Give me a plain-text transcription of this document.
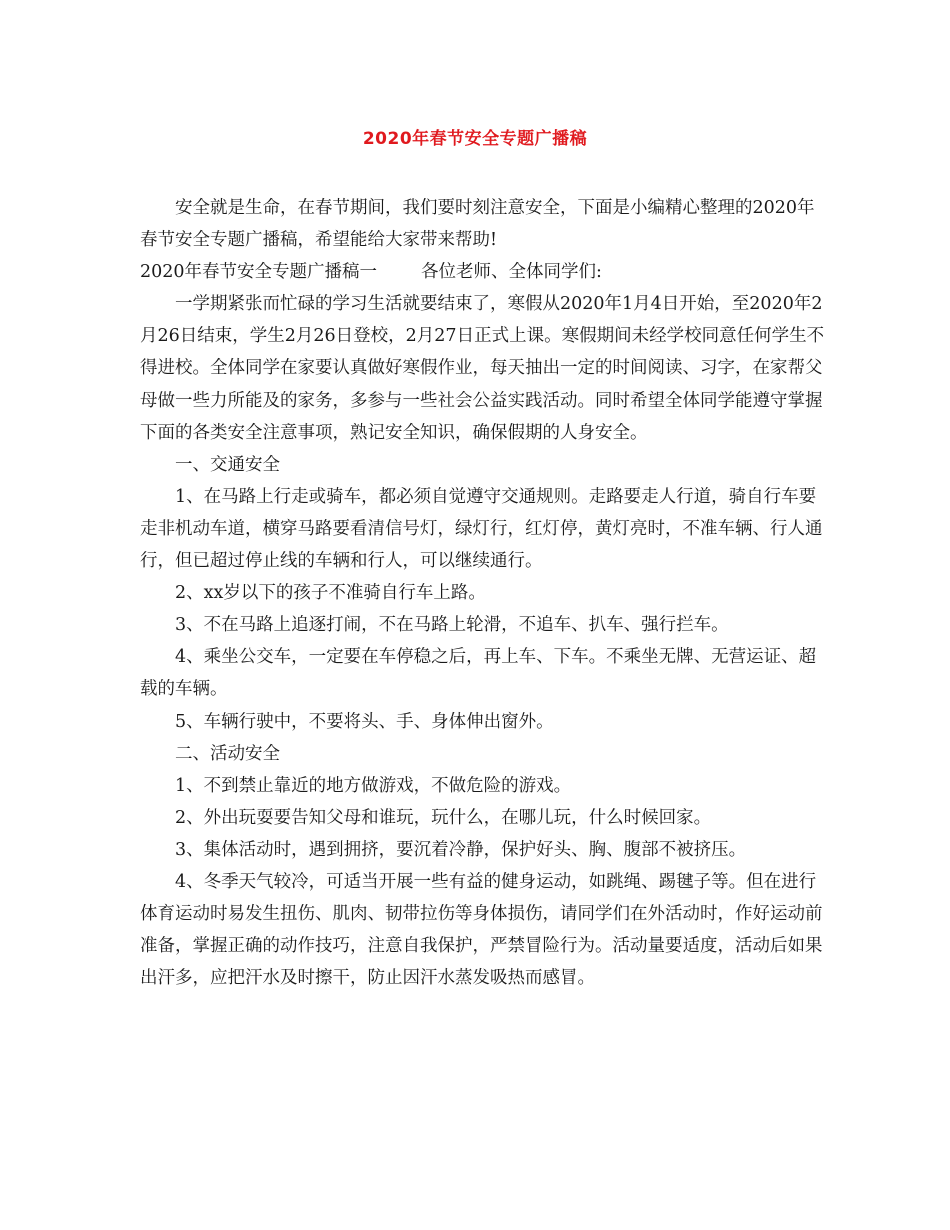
2020年春节安全专题广播稿

安全就是生命，在春节期间，我们要时刻注意安全，下面是小编精心整理的2020年春节安全专题广播稿，希望能给大家带来帮助!

2020年春节安全专题广播稿一	各位老师、全体同学们:

一学期紧张而忙碌的学习生活就要结束了，寒假从2020年1月4日开始，至2020年2月26日结束，学生2月26日登校，2月27日正式上课。寒假期间未经学校同意任何学生不得进校。全体同学在家要认真做好寒假作业，每天抽出一定的时间阅读、习字，在家帮父母做一些力所能及的家务，多参与一些社会公益实践活动。同时希望全体同学能遵守掌握下面的各类安全注意事项，熟记安全知识，确保假期的人身安全。

一、交通安全

1、在马路上行走或骑车，都必须自觉遵守交通规则。走路要走人行道，骑自行车要走非机动车道，横穿马路要看清信号灯，绿灯行，红灯停，黄灯亮时，不准车辆、行人通行，但已超过停止线的车辆和行人，可以继续通行。

2、xx岁以下的孩子不准骑自行车上路。

3、不在马路上追逐打闹，不在马路上轮滑，不追车、扒车、强行拦车。

4、乘坐公交车，一定要在车停稳之后，再上车、下车。不乘坐无牌、无营运证、超载的车辆。

5、车辆行驶中，不要将头、手、身体伸出窗外。

二、活动安全

1、不到禁止靠近的地方做游戏，不做危险的游戏。

2、外出玩耍要告知父母和谁玩，玩什么，在哪儿玩，什么时候回家。

3、集体活动时，遇到拥挤，要沉着冷静，保护好头、胸、腹部不被挤压。

4、冬季天气较冷，可适当开展一些有益的健身运动，如跳绳、踢毽子等。但在进行体育运动时易发生扭伤、肌肉、韧带拉伤等身体损伤，请同学们在外活动时，作好运动前准备，掌握正确的动作技巧，注意自我保护，严禁冒险行为。活动量要适度，活动后如果出汗多，应把汗水及时擦干，防止因汗水蒸发吸热而感冒。
